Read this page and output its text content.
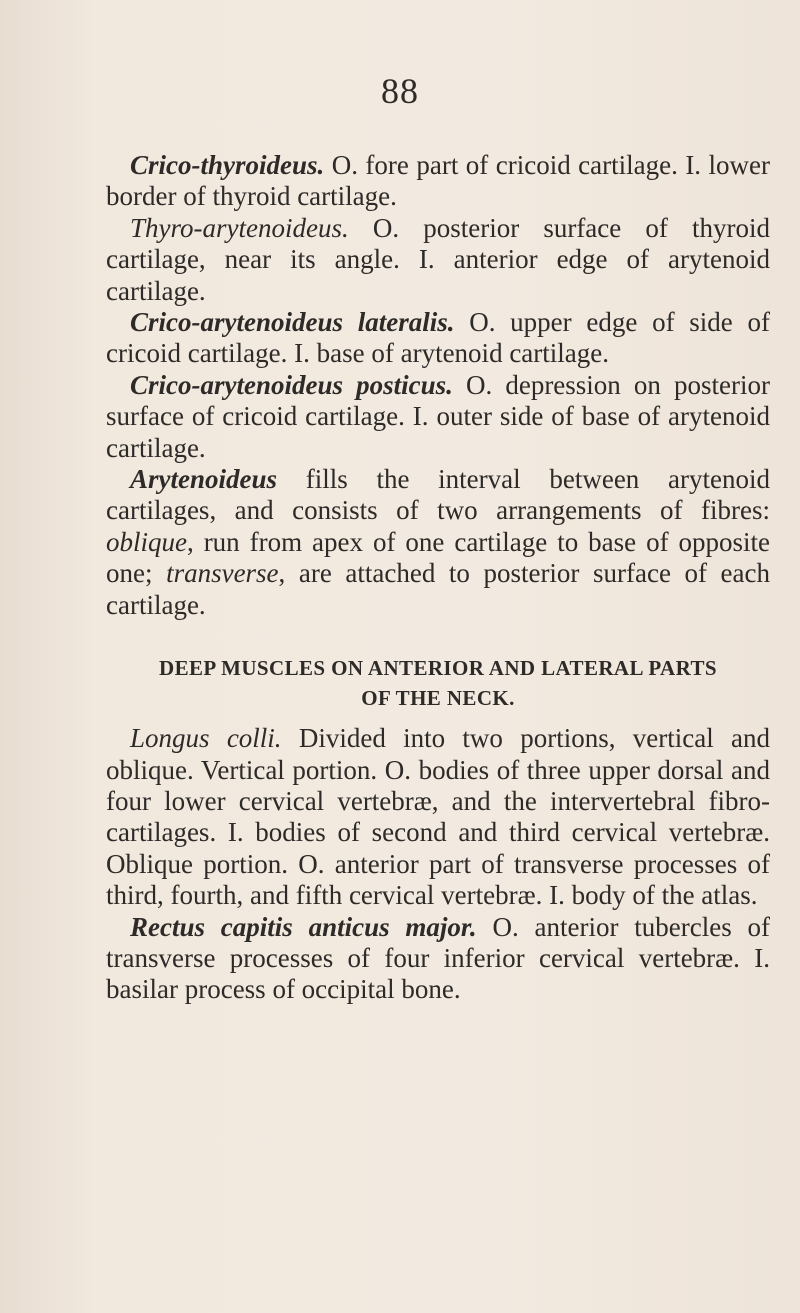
88

Crico-thyroideus. O. fore part of cricoid cartilage. I. lower border of thyroid cartilage.

Thyro-arytenoideus. O. posterior surface of thyroid cartilage, near its angle. I. anterior edge of arytenoid cartilage.

Crico-arytenoideus lateralis. O. upper edge of side of cricoid cartilage. I. base of arytenoid cartilage.

Crico-arytenoideus posticus. O. depression on posterior surface of cricoid cartilage. I. outer side of base of arytenoid cartilage.

Arytenoideus fills the interval between arytenoid cartilages, and consists of two arrangements of fibres: oblique, run from apex of one cartilage to base of opposite one; transverse, are attached to posterior surface of each cartilage.

DEEP MUSCLES ON ANTERIOR AND LATERAL PARTS
OF THE NECK.

Longus colli. Divided into two portions, vertical and oblique. Vertical portion. O. bodies of three upper dorsal and four lower cervical vertebræ, and the intervertebral fibro-cartilages. I. bodies of second and third cervical vertebræ. Oblique portion. O. anterior part of transverse processes of third, fourth, and fifth cervical vertebræ. I. body of the atlas.

Rectus capitis anticus major. O. anterior tubercles of transverse processes of four inferior cervical vertebræ. I. basilar process of occipital bone.
